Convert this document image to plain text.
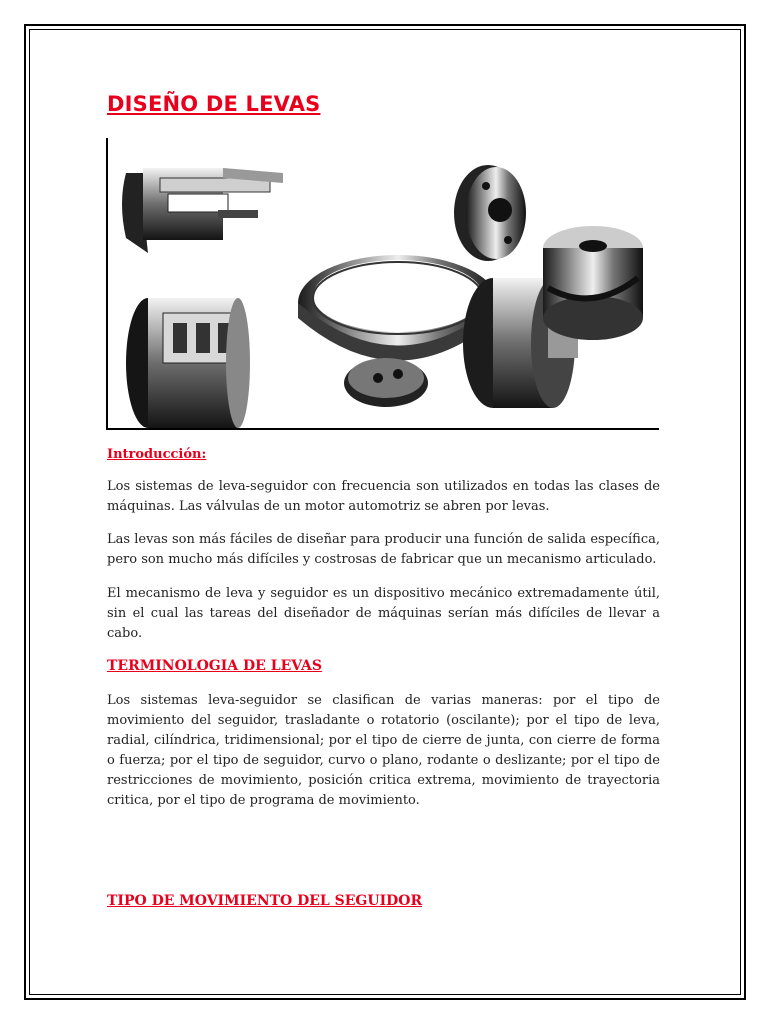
DISEÑO DE LEVAS
Introducción:

Los sistemas de leva-seguidor con frecuencia son utilizados en todas las clases de máquinas. Las válvulas de un motor automotriz se abren por levas.

Las levas son más fáciles de diseñar para producir una función de salida específica, pero son mucho más difíciles y costrosas de fabricar que un mecanismo articulado.

El mecanismo de leva y seguidor es un dispositivo mecánico extremadamente útil, sin el cual las tareas del diseñador de máquinas serían más difíciles de llevar a cabo.

TERMINOLOGIA DE LEVAS

Los sistemas leva-seguidor se clasifican de varias maneras: por el tipo de movimiento del seguidor, trasladante o rotatorio (oscilante); por el tipo de leva, radial, cilíndrica, tridimensional; por el tipo de cierre de junta, con cierre de forma o fuerza; por el tipo de seguidor, curvo o plano, rodante o deslizante; por el tipo de restricciones de movimiento, posición critica extrema, movimiento de trayectoria critica, por el tipo de programa de movimiento.

TIPO DE MOVIMIENTO DEL SEGUIDOR
